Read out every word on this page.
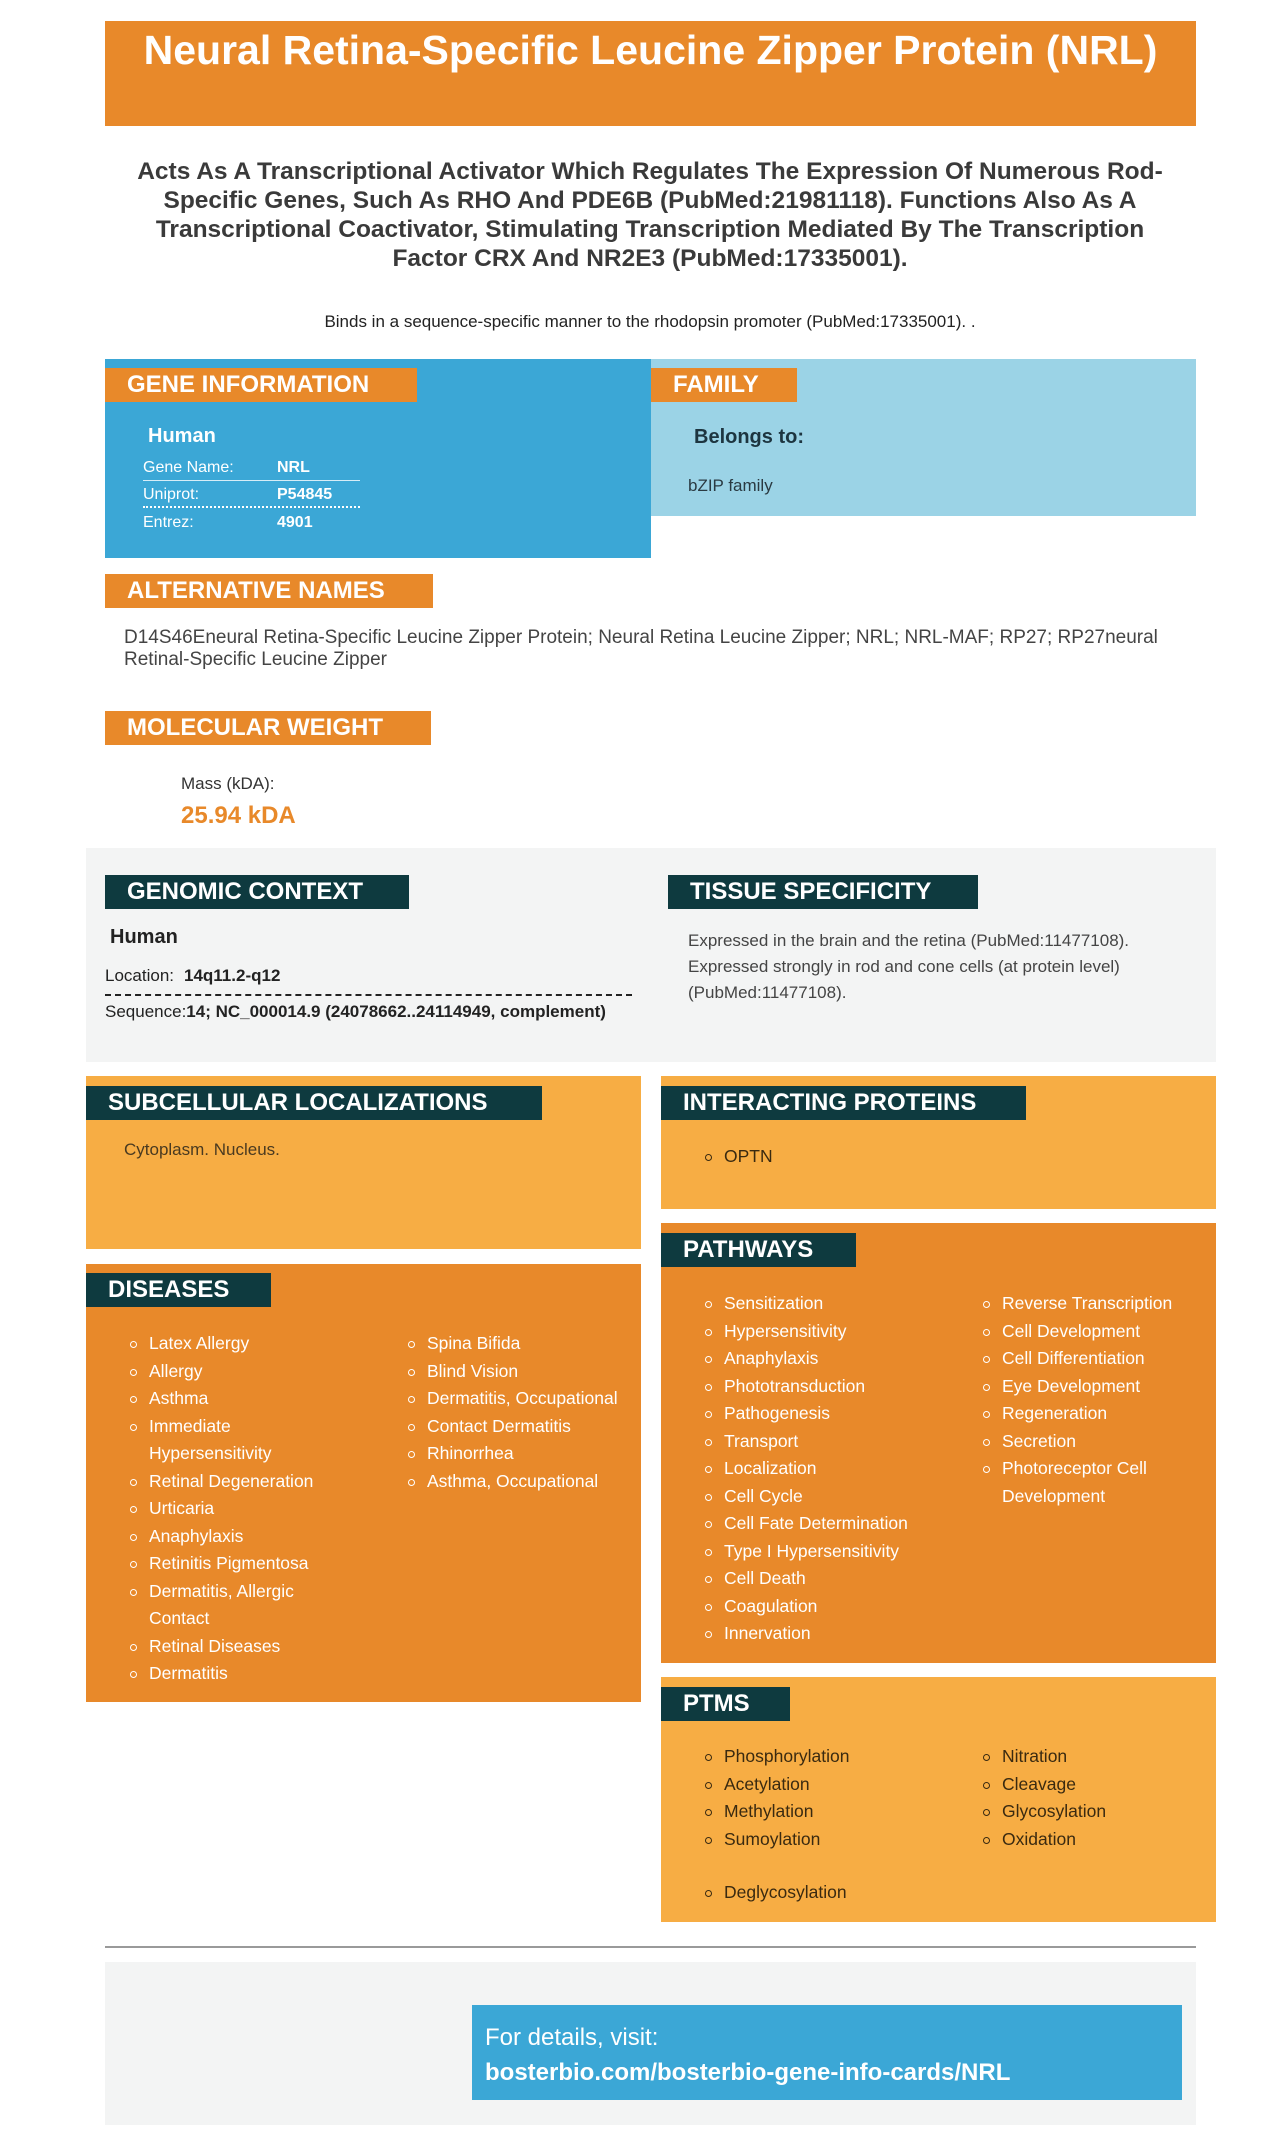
Neural Retina-Specific Leucine Zipper Protein (NRL)
Acts As A Transcriptional Activator Which Regulates The Expression Of Numerous Rod-Specific Genes, Such As RHO And PDE6B (PubMed:21981118). Functions Also As A Transcriptional Coactivator, Stimulating Transcription Mediated By The Transcription Factor CRX And NR2E3 (PubMed:17335001).
Binds in a sequence-specific manner to the rhodopsin promoter (PubMed:17335001). .
GENE INFORMATION
Human
Gene Name:	NRL
Uniprot:	P54845
Entrez:	4901
FAMILY
Belongs to:
bZIP family
ALTERNATIVE NAMES
D14S46Eneural Retina-Specific Leucine Zipper Protein; Neural Retina Leucine Zipper; NRL; NRL-MAF; RP27; RP27neural Retinal-Specific Leucine Zipper
MOLECULAR WEIGHT
Mass (kDA):
25.94 kDA
GENOMIC CONTEXT
Human
Location: 14q11.2-q12
Sequence:14; NC_000014.9 (24078662..24114949, complement)
TISSUE SPECIFICITY
Expressed in the brain and the retina (PubMed:11477108). Expressed strongly in rod and cone cells (at protein level) (PubMed:11477108).
SUBCELLULAR LOCALIZATIONS
Cytoplasm. Nucleus.
INTERACTING PROTEINS
OPTN
DISEASES
Latex Allergy
Allergy
Asthma
Immediate Hypersensitivity
Retinal Degeneration
Urticaria
Anaphylaxis
Retinitis Pigmentosa
Dermatitis, Allergic Contact
Retinal Diseases
Dermatitis
Spina Bifida
Blind Vision
Dermatitis, Occupational
Contact Dermatitis
Rhinorrhea
Asthma, Occupational
PATHWAYS
Sensitization
Hypersensitivity
Anaphylaxis
Phototransduction
Pathogenesis
Transport
Localization
Cell Cycle
Cell Fate Determination
Type I Hypersensitivity
Cell Death
Coagulation
Innervation
Reverse Transcription
Cell Development
Cell Differentiation
Eye Development
Regeneration
Secretion
Photoreceptor Cell Development
PTMS
Phosphorylation
Acetylation
Methylation
Sumoylation
Nitration
Cleavage
Glycosylation
Oxidation
Deglycosylation
For details, visit:
bosterbio.com/bosterbio-gene-info-cards/NRL
